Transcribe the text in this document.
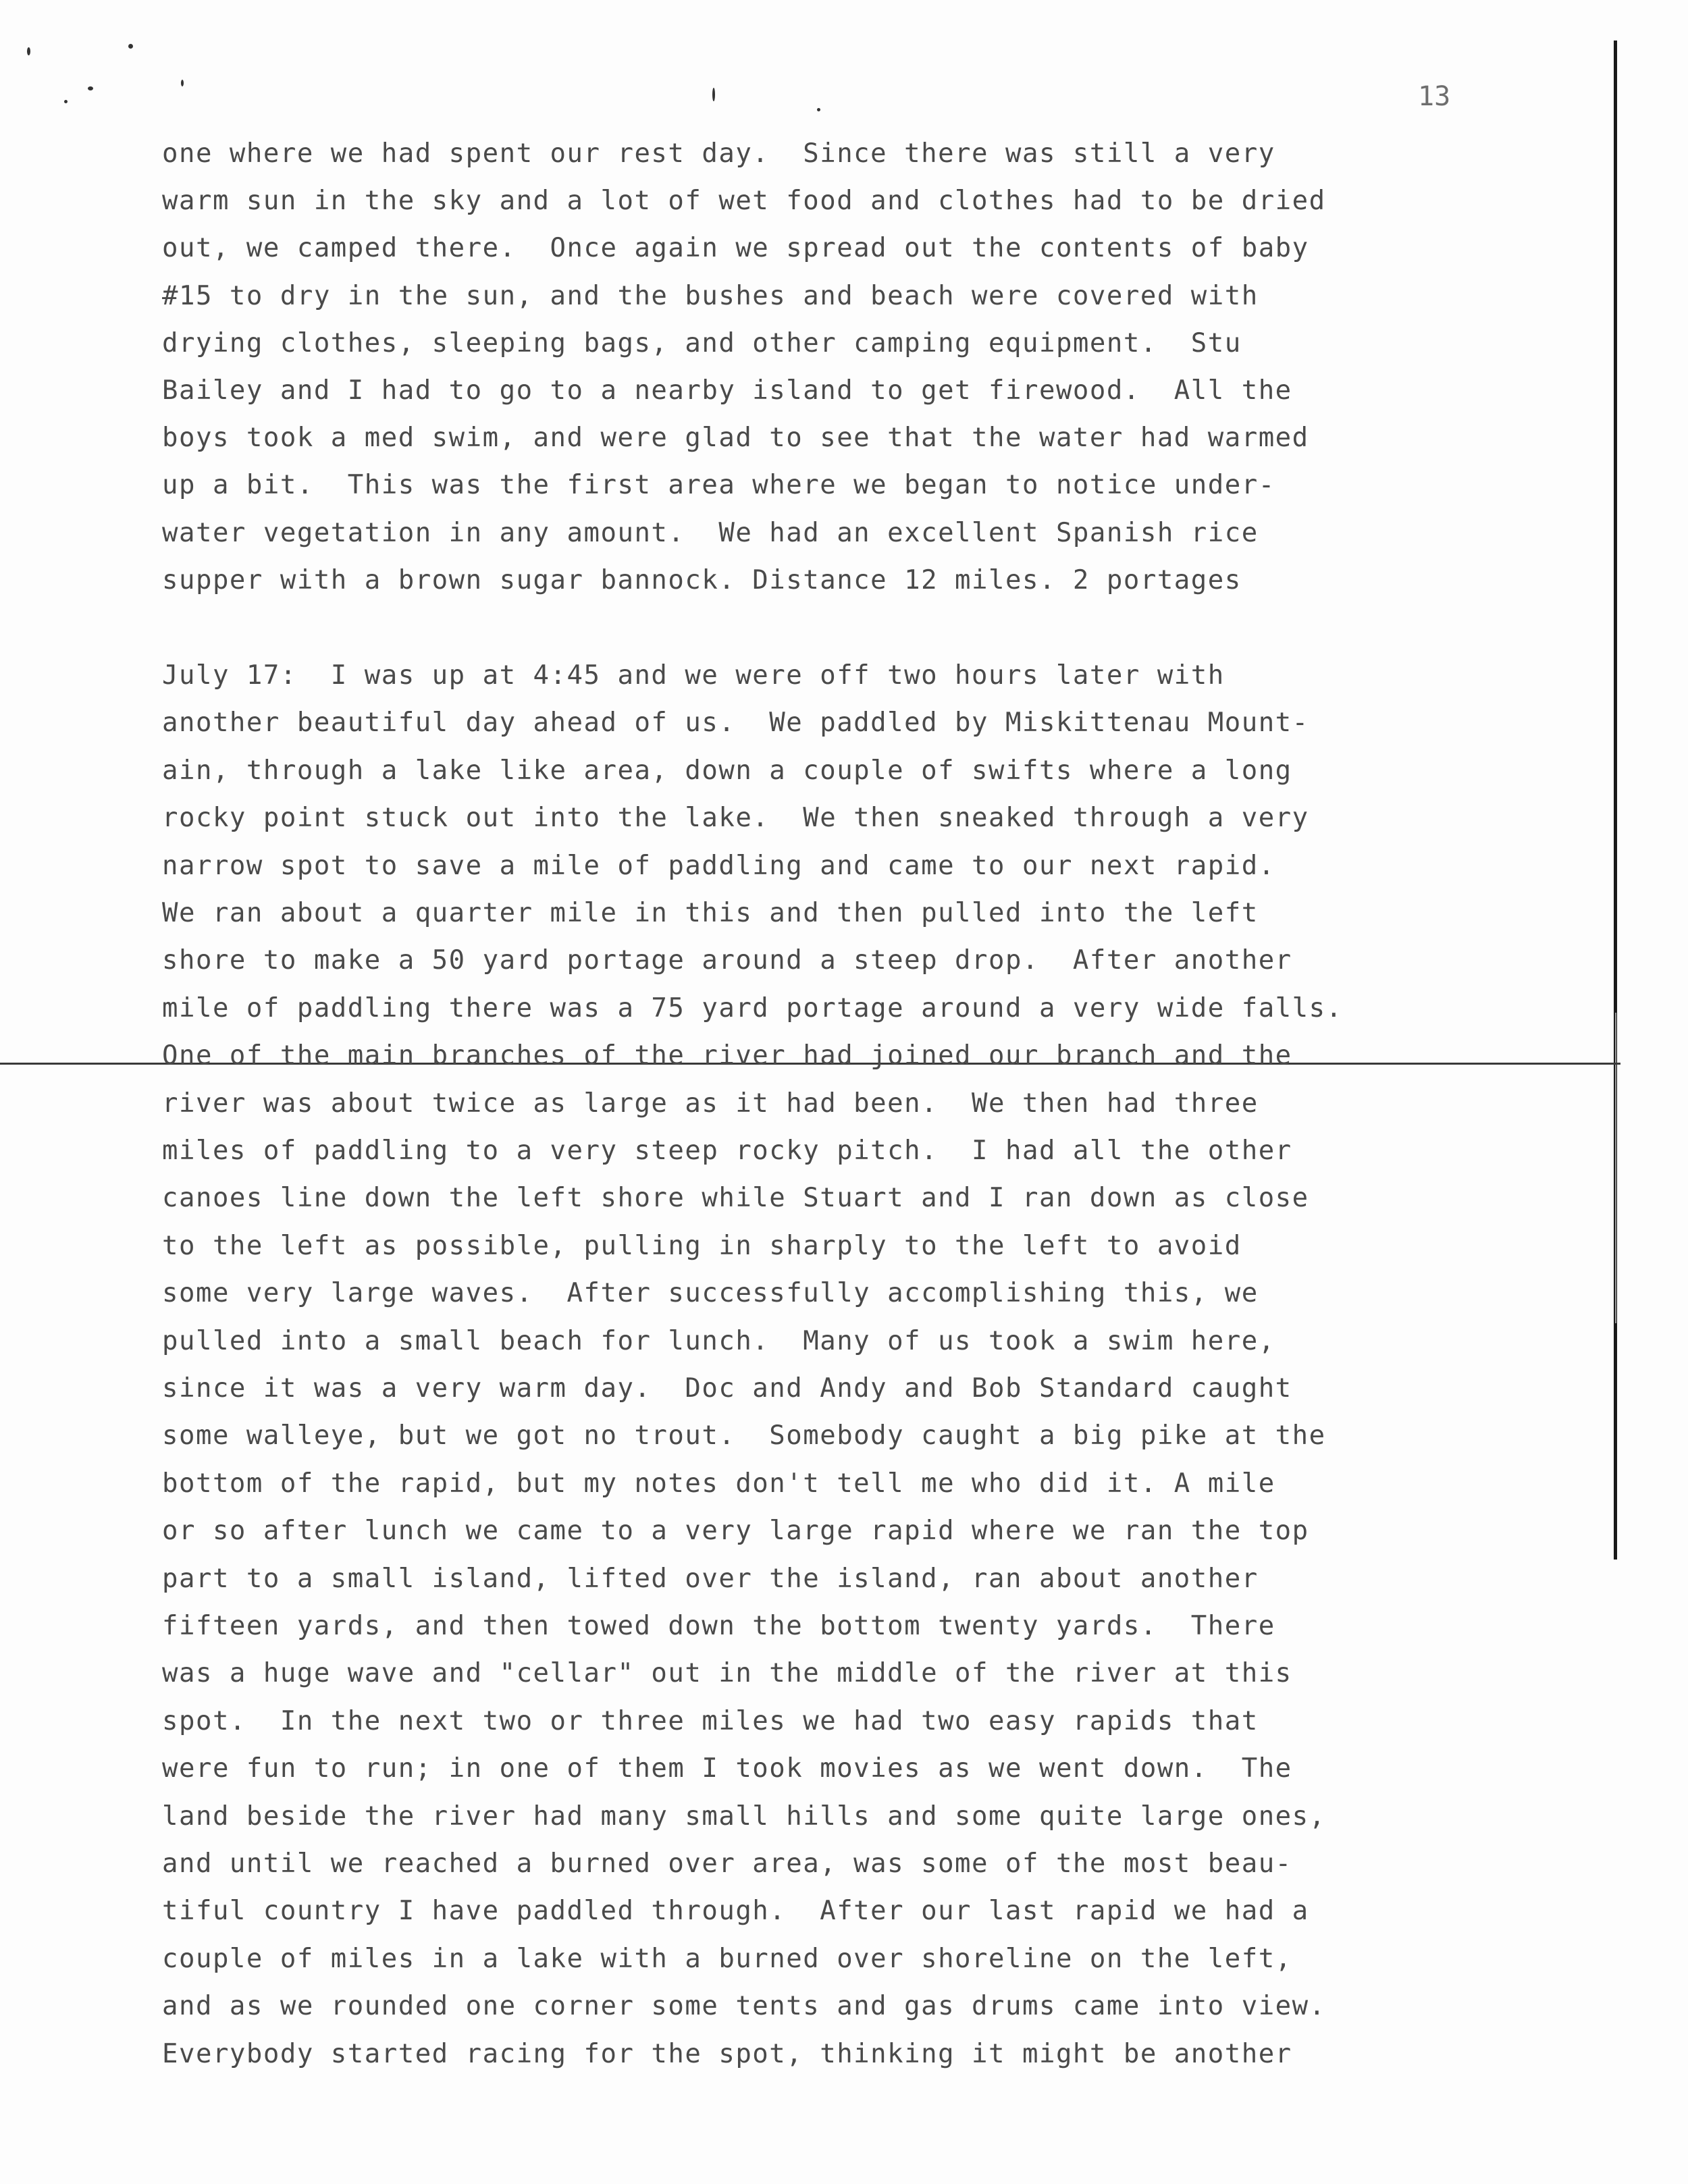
13
one where we had spent our rest day.  Since there was still a very
warm sun in the sky and a lot of wet food and clothes had to be dried
out, we camped there.  Once again we spread out the contents of baby
#15 to dry in the sun, and the bushes and beach were covered with
drying clothes, sleeping bags, and other camping equipment.  Stu
Bailey and I had to go to a nearby island to get firewood.  All the
boys took a med swim, and were glad to see that the water had warmed
up a bit.  This was the first area where we began to notice under-
water vegetation in any amount.  We had an excellent Spanish rice
supper with a brown sugar bannock. Distance 12 miles. 2 portages
July 17:  I was up at 4:45 and we were off two hours later with
another beautiful day ahead of us.  We paddled by Miskittenau Mount-
ain, through a lake like area, down a couple of swifts where a long
rocky point stuck out into the lake.  We then sneaked through a very
narrow spot to save a mile of paddling and came to our next rapid.
We ran about a quarter mile in this and then pulled into the left
shore to make a 50 yard portage around a steep drop.  After another
mile of paddling there was a 75 yard portage around a very wide falls.
One of the main branches of the river had joined our branch and the
river was about twice as large as it had been.  We then had three
miles of paddling to a very steep rocky pitch.  I had all the other
canoes line down the left shore while Stuart and I ran down as close
to the left as possible, pulling in sharply to the left to avoid
some very large waves.  After successfully accomplishing this, we
pulled into a small beach for lunch.  Many of us took a swim here,
since it was a very warm day.  Doc and Andy and Bob Standard caught
some walleye, but we got no trout.  Somebody caught a big pike at the
bottom of the rapid, but my notes don't tell me who did it. A mile
or so after lunch we came to a very large rapid where we ran the top
part to a small island, lifted over the island, ran about another
fifteen yards, and then towed down the bottom twenty yards.  There
was a huge wave and "cellar" out in the middle of the river at this
spot.  In the next two or three miles we had two easy rapids that
were fun to run; in one of them I took movies as we went down.  The
land beside the river had many small hills and some quite large ones,
and until we reached a burned over area, was some of the most beau-
tiful country I have paddled through.  After our last rapid we had a
couple of miles in a lake with a burned over shoreline on the left,
and as we rounded one corner some tents and gas drums came into view.
Everybody started racing for the spot, thinking it might be another
